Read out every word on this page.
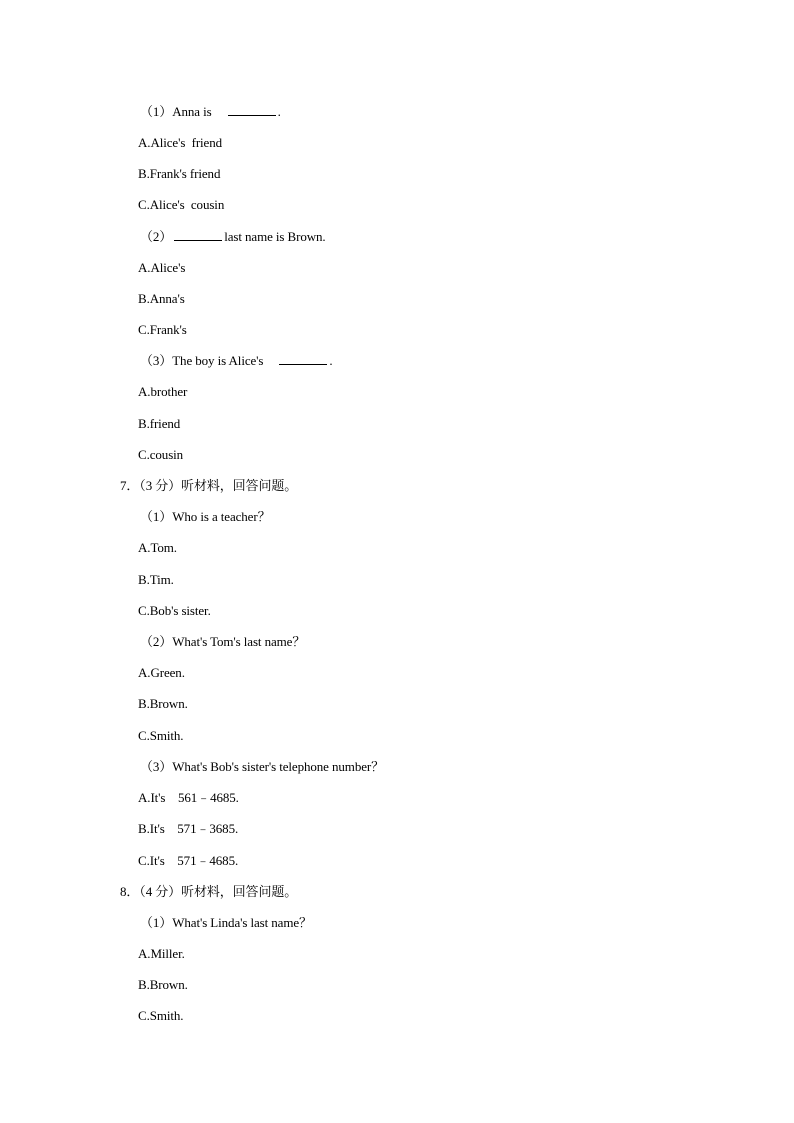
（1）Anna is	.
A.Alice's  friend
B.Frank's friend
C.Alice's  cousin
（2）	last name is Brown.
A.Alice's
B.Anna's
C.Frank's
（3）The boy is Alice's	.
A.brother
B.friend
C.cousin
7．（3 分）听材料，回答问题。
（1）Who is a teacher？
A.Tom.
B.Tim.
C.Bob's sister.
（2）What's Tom's last name？
A.Green.
B.Brown.
C.Smith.
（3）What's Bob's sister's telephone number？
A.It's    561﹣4685.
B.It's    571﹣3685.
C.It's    571﹣4685.
8．（4 分）听材料，回答问题。
（1）What's Linda's last name？
A.Miller.
B.Brown.
C.Smith.
